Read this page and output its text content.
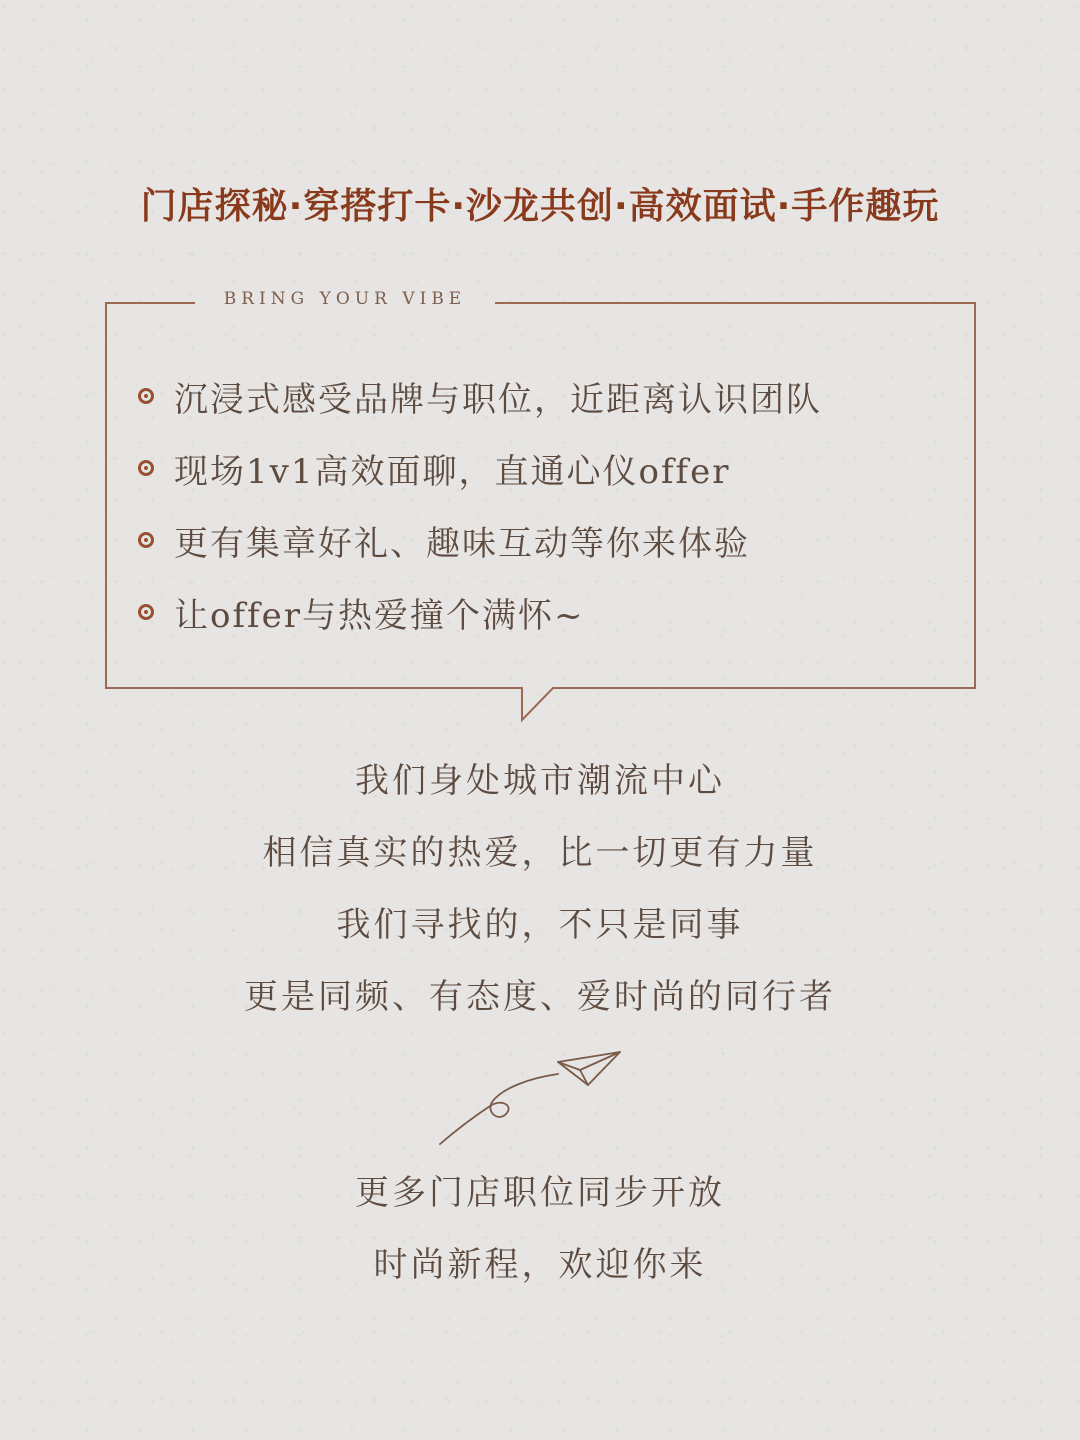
门店探秘·穿搭打卡·沙龙共创·高效面试·手作趣玩
BRING YOUR VIBE
沉浸式感受品牌与职位，近距离认识团队
现场1v1高效面聊，直通心仪offer
更有集章好礼、趣味互动等你来体验
让offer与热爱撞个满怀~
我们身处城市潮流中心
相信真实的热爱，比一切更有力量
我们寻找的，不只是同事
更是同频、有态度、爱时尚的同行者
更多门店职位同步开放
时尚新程，欢迎你来
